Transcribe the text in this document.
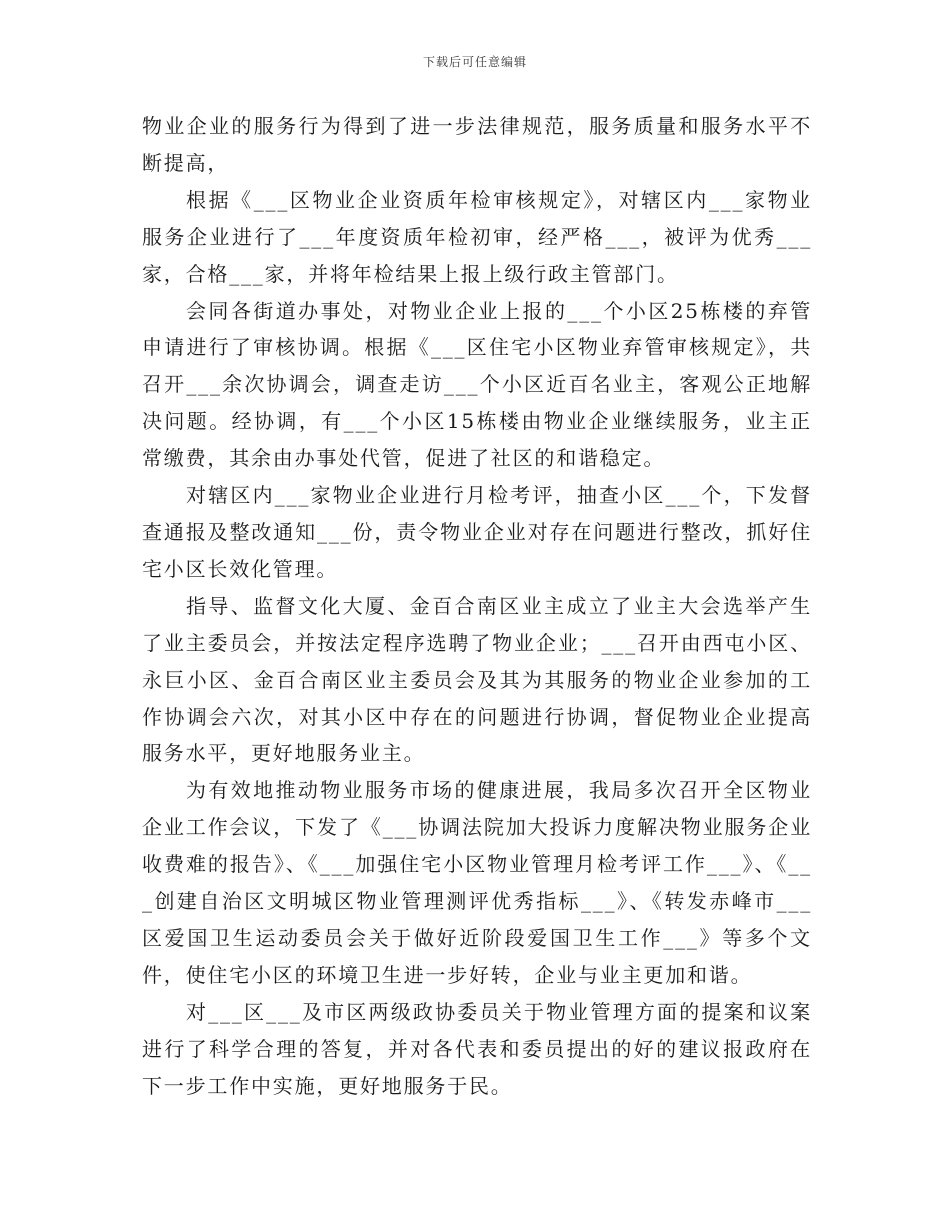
下载后可任意编辑

物业企业的服务行为得到了进一步法律规范，服务质量和服务水平不断提高，

根据《___区物业企业资质年检审核规定》，对辖区内___家物业服务企业进行了___年度资质年检初审，经严格___，被评为优秀___家，合格___家，并将年检结果上报上级行政主管部门。

会同各街道办事处，对物业企业上报的___个小区25栋楼的弃管申请进行了审核协调。根据《___区住宅小区物业弃管审核规定》，共召开___余次协调会，调查走访___个小区近百名业主，客观公正地解决问题。经协调，有___个小区15栋楼由物业企业继续服务，业主正常缴费，其余由办事处代管，促进了社区的和谐稳定。

对辖区内___家物业企业进行月检考评，抽查小区___个，下发督查通报及整改通知___份，责令物业企业对存在问题进行整改，抓好住宅小区长效化管理。

指导、监督文化大厦、金百合南区业主成立了业主大会选举产生了业主委员会，并按法定程序选聘了物业企业；___召开由西屯小区、永巨小区、金百合南区业主委员会及其为其服务的物业企业参加的工作协调会六次，对其小区中存在的问题进行协调，督促物业企业提高服务水平，更好地服务业主。

为有效地推动物业服务市场的健康进展，我局多次召开全区物业企业工作会议，下发了《___协调法院加大投诉力度解决物业服务企业收费难的报告》、《___加强住宅小区物业管理月检考评工作___》、《___创建自治区文明城区物业管理测评优秀指标___》、《转发赤峰市___区爱国卫生运动委员会关于做好近阶段爱国卫生工作___》等多个文件，使住宅小区的环境卫生进一步好转，企业与业主更加和谐。

对___区___及市区两级政协委员关于物业管理方面的提案和议案进行了科学合理的答复，并对各代表和委员提出的好的建议报政府在下一步工作中实施，更好地服务于民。
